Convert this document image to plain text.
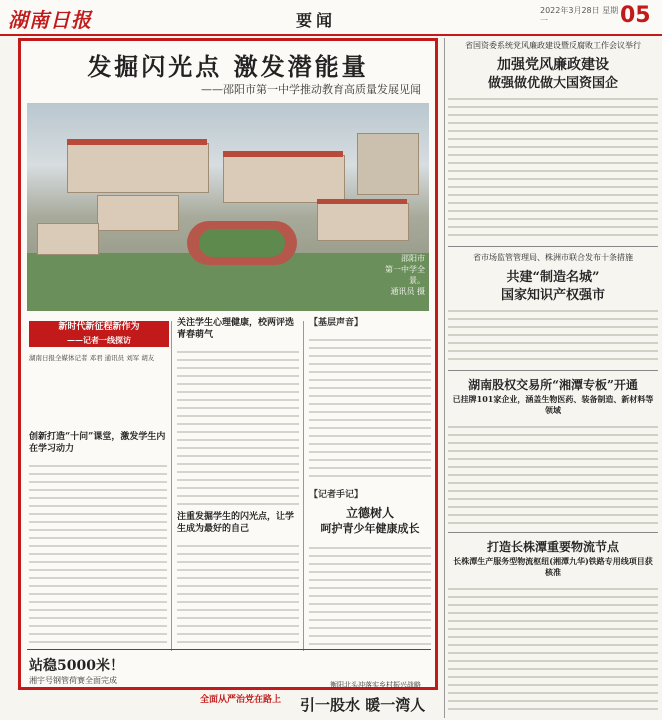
湖南日报	要闻
2022年3月28日 星期一	05
发掘闪光点 激发潜能量
——邵阳市第一中学推动教育高质量发展见闻
邵阳市
第一中学全景。
通讯员 摄
新时代新征程新作为
——记者一线探访
湖南日报全媒体记者 邓君 通讯员 刘军 胡友
创新打造“十问”课堂，激发学生内在学习动力
关注学生心理健康，校两评选青春萌气
注重发掘学生的闪光点，让学生成为最好的自己
【基层声音】
【记者手记】
立德树人
呵护青少年健康成长
站稳5000米！
湘宇号钢管荷赛全面完成
全面从严治党在路上
衡阳北头冲落实乡村振兴战略
引一股水 暖一湾人
省国资委系统党风廉政建设暨反腐败工作会议举行
加强党风廉政建设
做强做优做大国资国企
省市场监管管理局、株洲市联合发布十条措施
共建“制造名城”
国家知识产权强市
湖南股权交易所“湘潭专板”开通
已挂牌101家企业，涵盖生物医药、装备制造、新材料等领域
打造长株潭重要物流节点
长株潭生产服务型物流枢纽(湘潭九华)铁路专用线项目获核准
